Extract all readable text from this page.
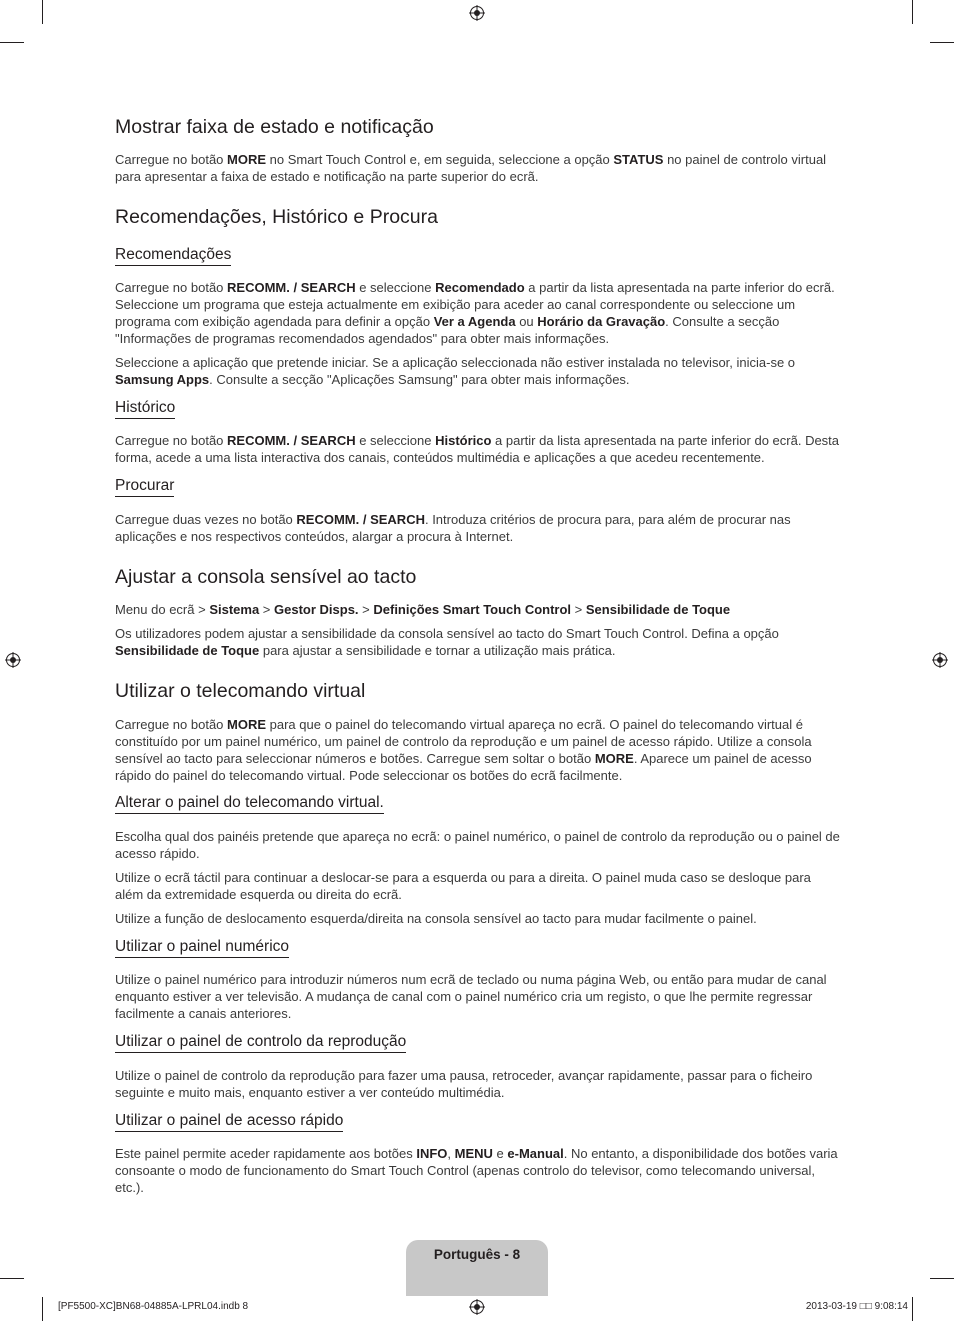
Mostrar faixa de estado e notificação

Carregue no botão MORE no Smart Touch Control e, em seguida, seleccione a opção STATUS no painel de controlo virtual para apresentar a faixa de estado e notificação na parte superior do ecrã.

Recomendações, Histórico e Procura
Recomendações

Carregue no botão RECOMM. / SEARCH e seleccione Recomendado a partir da lista apresentada na parte inferior do ecrã. Seleccione um programa que esteja actualmente em exibição para aceder ao canal correspondente ou seleccione um programa com exibição agendada para definir a opção Ver a Agenda ou Horário da Gravação. Consulte a secção "Informações de programas recomendados agendados" para obter mais informações.

Seleccione a aplicação que pretende iniciar. Se a aplicação seleccionada não estiver instalada no televisor, inicia-se o Samsung Apps. Consulte a secção "Aplicações Samsung" para obter mais informações.

Histórico

Carregue no botão RECOMM. / SEARCH e seleccione Histórico a partir da lista apresentada na parte inferior do ecrã. Desta forma, acede a uma lista interactiva dos canais, conteúdos multimédia e aplicações a que acedeu recentemente.

Procurar

Carregue duas vezes no botão RECOMM. / SEARCH. Introduza critérios de procura para, para além de procurar nas aplicações e nos respectivos conteúdos, alargar a procura à Internet.

Ajustar a consola sensível ao tacto

Menu do ecrã > Sistema > Gestor Disps. > Definições Smart Touch Control > Sensibilidade de Toque

Os utilizadores podem ajustar a sensibilidade da consola sensível ao tacto do Smart Touch Control. Defina a opção Sensibilidade de Toque para ajustar a sensibilidade e tornar a utilização mais prática.

Utilizar o telecomando virtual

Carregue no botão MORE para que o painel do telecomando virtual apareça no ecrã. O painel do telecomando virtual é constituído por um painel numérico, um painel de controlo da reprodução e um painel de acesso rápido. Utilize a consola sensível ao tacto para seleccionar números e botões. Carregue sem soltar o botão MORE. Aparece um painel de acesso rápido do painel do telecomando virtual. Pode seleccionar os botões do ecrã facilmente.

Alterar o painel do telecomando virtual.

Escolha qual dos painéis pretende que apareça no ecrã: o painel numérico, o painel de controlo da reprodução ou o painel de acesso rápido.

Utilize o ecrã táctil para continuar a deslocar-se para a esquerda ou para a direita. O painel muda caso se desloque para além da extremidade esquerda ou direita do ecrã.

Utilize a função de deslocamento esquerda/direita na consola sensível ao tacto para mudar facilmente o painel.

Utilizar o painel numérico

Utilize o painel numérico para introduzir números num ecrã de teclado ou numa página Web, ou então para mudar de canal enquanto estiver a ver televisão. A mudança de canal com o painel numérico cria um registo, o que lhe permite regressar facilmente a canais anteriores.

Utilizar o painel de controlo da reprodução

Utilize o painel de controlo da reprodução para fazer uma pausa, retroceder, avançar rapidamente, passar para o ficheiro seguinte e muito mais, enquanto estiver a ver conteúdo multimédia.

Utilizar o painel de acesso rápido

Este painel permite aceder rapidamente aos botões INFO, MENU e e-Manual. No entanto, a disponibilidade dos botões varia consoante o modo de funcionamento do Smart Touch Control (apenas controlo do televisor, como telecomando universal, etc.).

Português - 8
[PF5500-XC]BN68-04885A-LPRL04.indb 8	2013-03-19 □□ 9:08:14
